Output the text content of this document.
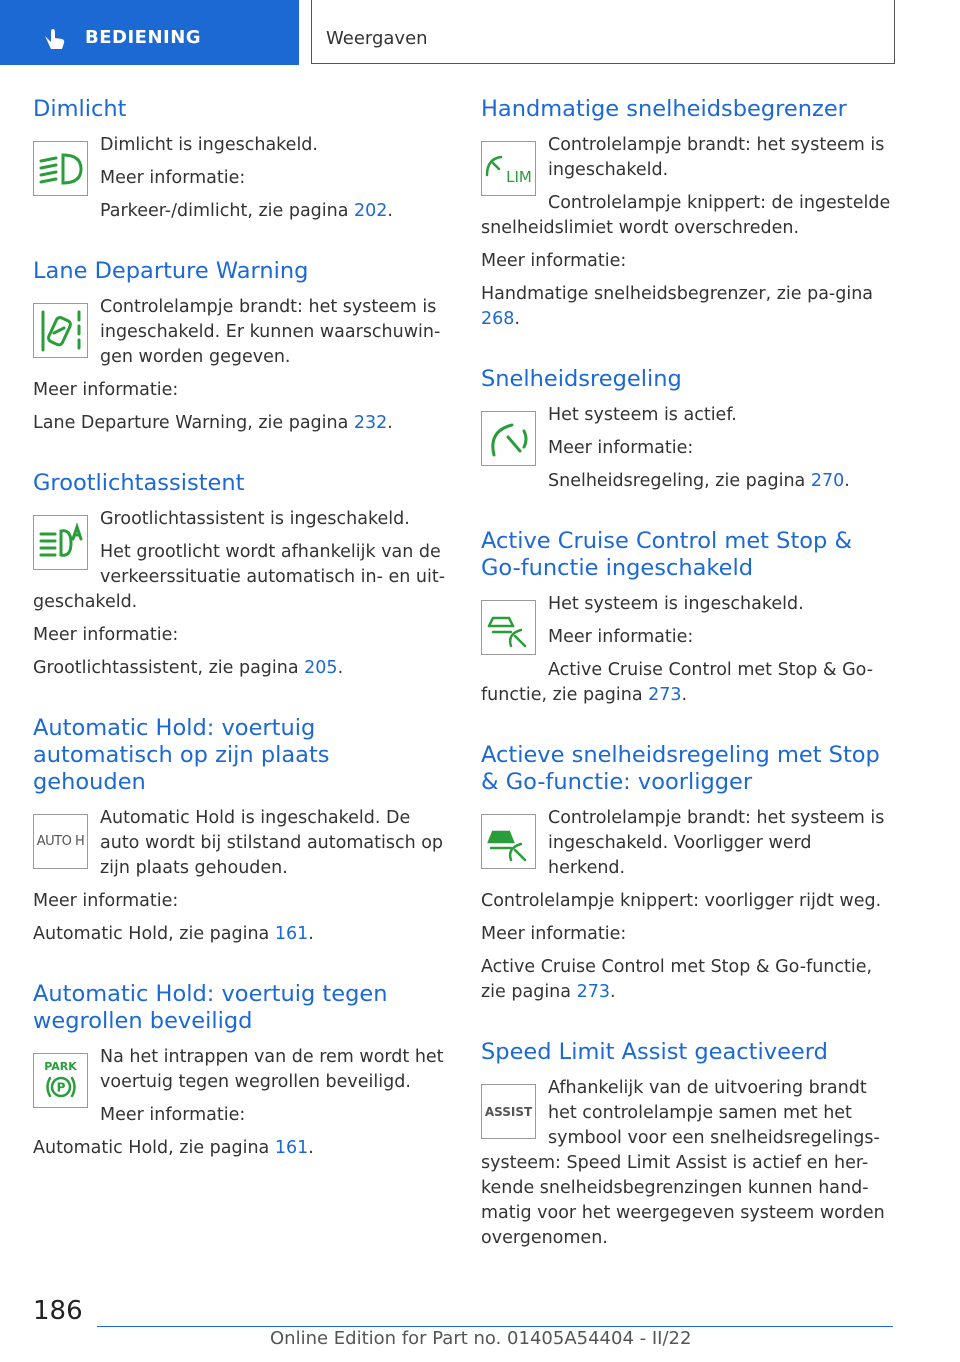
BEDIENING	Weergaven
Dimlicht

Dimlicht is ingeschakeld.

Meer informatie:

Parkeer-/dimlicht, zie pagina 202.

Lane Departure Warning

Controlelampje brandt: het systeem is ingeschakeld. Er kunnen waarschuwin-gen worden gegeven.

Meer informatie:

Lane Departure Warning, zie pagina 232.

Grootlichtassistent

Grootlichtassistent is ingeschakeld.

Het grootlicht wordt afhankelijk van de verkeerssituatie automatisch in- en uit-geschakeld.

Meer informatie:

Grootlichtassistent, zie pagina 205.

Automatic Hold: voertuig automatisch op zijn plaats gehouden
AUTO H

Automatic Hold is ingeschakeld. De auto wordt bij stilstand automatisch op zijn plaats gehouden.

Meer informatie:

Automatic Hold, zie pagina 161.

Automatic Hold: voertuig tegen wegrollen beveiligd
PARK
P

Na het intrappen van de rem wordt het voertuig tegen wegrollen beveiligd.

Meer informatie:

Automatic Hold, zie pagina 161.

Handmatige snelheidsbegrenzer
LIM

Controlelampje brandt: het systeem is ingeschakeld.

Controlelampje knippert: de ingestelde snelheidslimiet wordt overschreden.

Meer informatie:

Handmatige snelheidsbegrenzer, zie pa-gina 268.

Snelheidsregeling

Het systeem is actief.

Meer informatie:

Snelheidsregeling, zie pagina 270.

Active Cruise Control met Stop & Go-functie ingeschakeld

Het systeem is ingeschakeld.

Meer informatie:

Active Cruise Control met Stop & Go-functie, zie pagina 273.

Actieve snelheidsregeling met Stop & Go-functie: voorligger

Controlelampje brandt: het systeem is ingeschakeld. Voorligger werd herkend.

Controlelampje knippert: voorligger rijdt weg.

Meer informatie:

Active Cruise Control met Stop & Go-functie, zie pagina 273.

Speed Limit Assist geactiveerd
ASSIST

Afhankelijk van de uitvoering brandt het controlelampje samen met het symbool voor een snelheidsregelings-systeem: Speed Limit Assist is actief en her-kende snelheidsbegrenzingen kunnen hand-matig voor het weergegeven systeem worden overgenomen.

186
Online Edition for Part no. 01405A54404 - II/22
